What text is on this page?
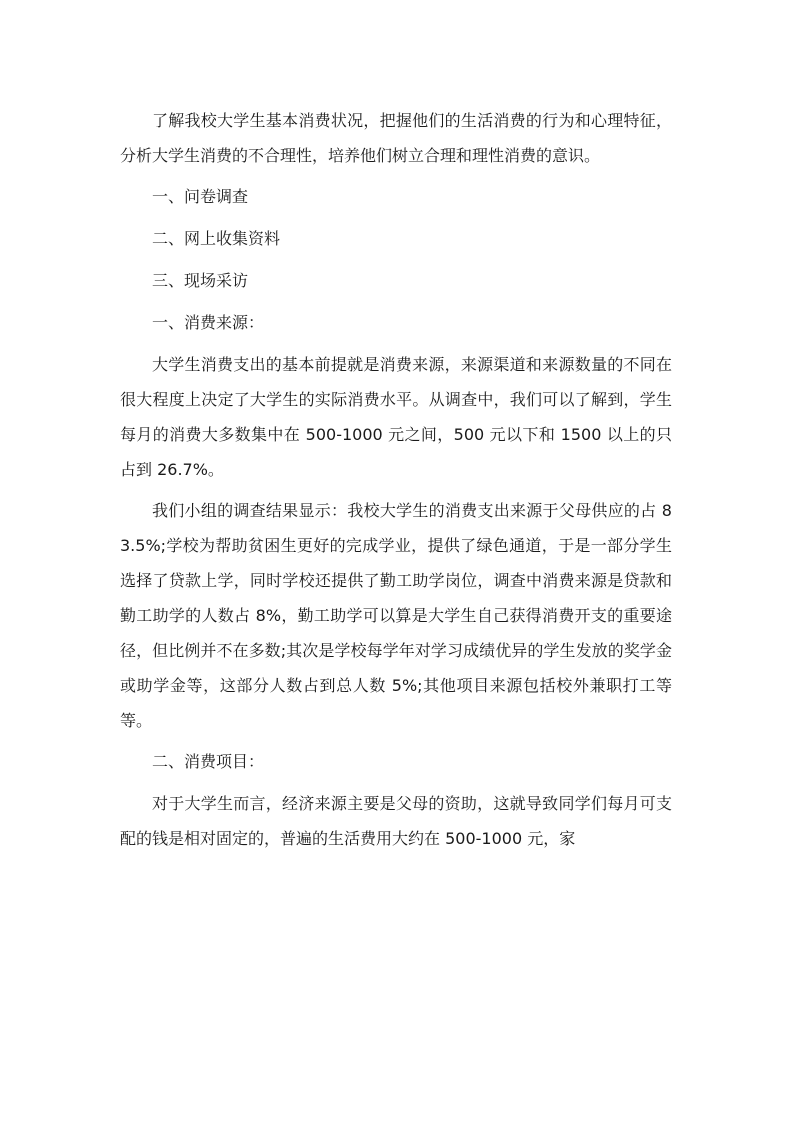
了解我校大学生基本消费状况，把握他们的生活消费的行为和心理特征，分析大学生消费的不合理性，培养他们树立合理和理性消费的意识。

一、问卷调查

二、网上收集资料

三、现场采访

一、消费来源：

大学生消费支出的基本前提就是消费来源，来源渠道和来源数量的不同在很大程度上决定了大学生的实际消费水平。从调查中，我们可以了解到，学生每月的消费大多数集中在 500-1000 元之间，500 元以下和 1500 以上的只占到 26.7%。

我们小组的调查结果显示：我校大学生的消费支出来源于父母供应的占 83.5%;学校为帮助贫困生更好的完成学业，提供了绿色通道，于是一部分学生选择了贷款上学，同时学校还提供了勤工助学岗位，调查中消费来源是贷款和勤工助学的人数占 8%，勤工助学可以算是大学生自己获得消费开支的重要途径，但比例并不在多数;其次是学校每学年对学习成绩优异的学生发放的奖学金或助学金等，这部分人数占到总人数 5%;其他项目来源包括校外兼职打工等等。

二、消费项目：

对于大学生而言，经济来源主要是父母的资助，这就导致同学们每月可支配的钱是相对固定的，普遍的生活费用大约在 500-1000 元，家
